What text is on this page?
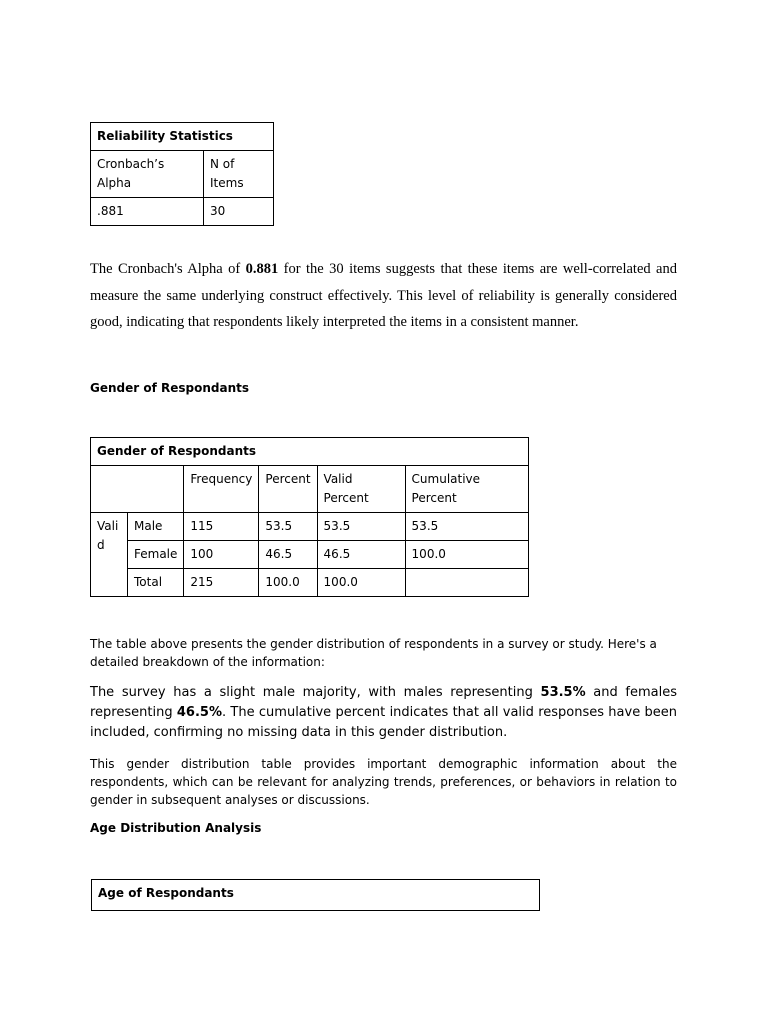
Reliability Statistics	
Cronbach’s Alpha	N of Items
.881	30

The Cronbach's Alpha of 0.881 for the 30 items suggests that these items are well-correlated and measure the same underlying construct effectively. This level of reliability is generally considered good, indicating that respondents likely interpreted the items in a consistent manner.

Gender of Respondants
Gender of Respondants					
		Frequency	Percent	Valid Percent	Cumulative Percent
Valid	Male	115	53.5	53.5	53.5
	Female	100	46.5	46.5	100.0
	Total	215	100.0	100.0	

The table above presents the gender distribution of respondents in a survey or study. Here's a detailed breakdown of the information:

The survey has a slight male majority, with males representing 53.5% and females representing 46.5%. The cumulative percent indicates that all valid responses have been included, confirming no missing data in this gender distribution.

This gender distribution table provides important demographic information about the respondents, which can be relevant for analyzing trends, preferences, or behaviors in relation to gender in subsequent analyses or discussions.

Age Distribution Analysis
Age of Respondants
